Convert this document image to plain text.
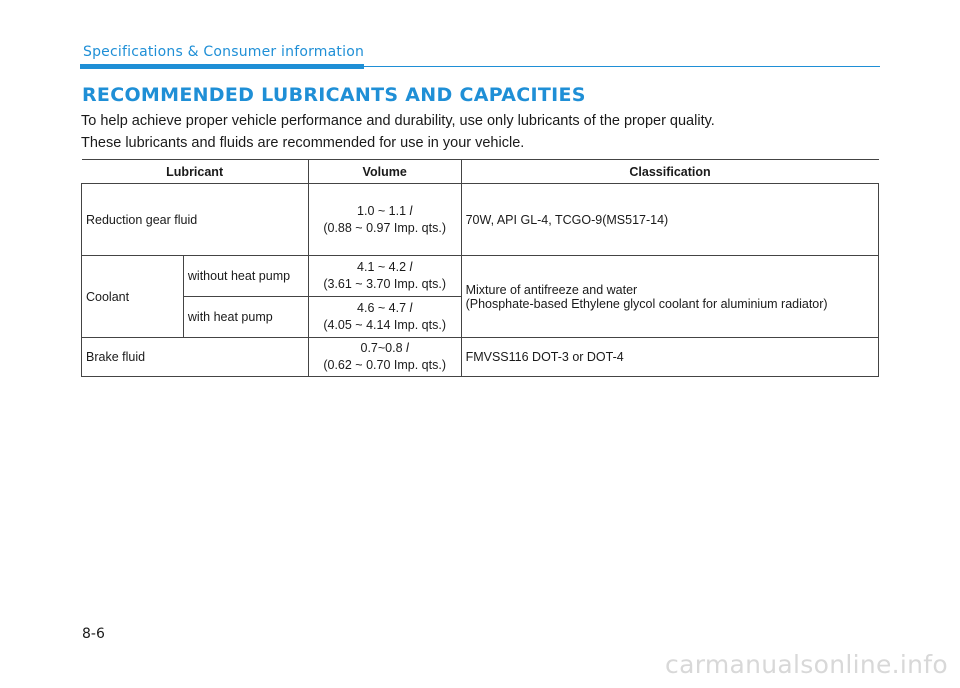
Specifications & Consumer information
RECOMMENDED LUBRICANTS AND CAPACITIES

To help achieve proper vehicle performance and durability, use only lubricants of the proper quality.

These lubricants and fluids are recommended for use in your vehicle.

Lubricant		Volume	Classification
Reduction gear fluid		1.0 ~ 1.1 l
(0.88 ~ 0.97 Imp. qts.)	70W, API GL-4, TCGO-9(MS517-14)
Coolant	without heat pump	4.1 ~ 4.2 l
(3.61 ~ 3.70 Imp. qts.)	Mixture of antifreeze and water
(Phosphate-based Ethylene glycol coolant for aluminium radiator)
	with heat pump	4.6 ~ 4.7 l
(4.05 ~ 4.14 Imp. qts.)	
Brake fluid		0.7~0.8 l
(0.62 ~ 0.70 Imp. qts.)	FMVSS116 DOT-3 or DOT-4
8-6
carmanualsonline.info
